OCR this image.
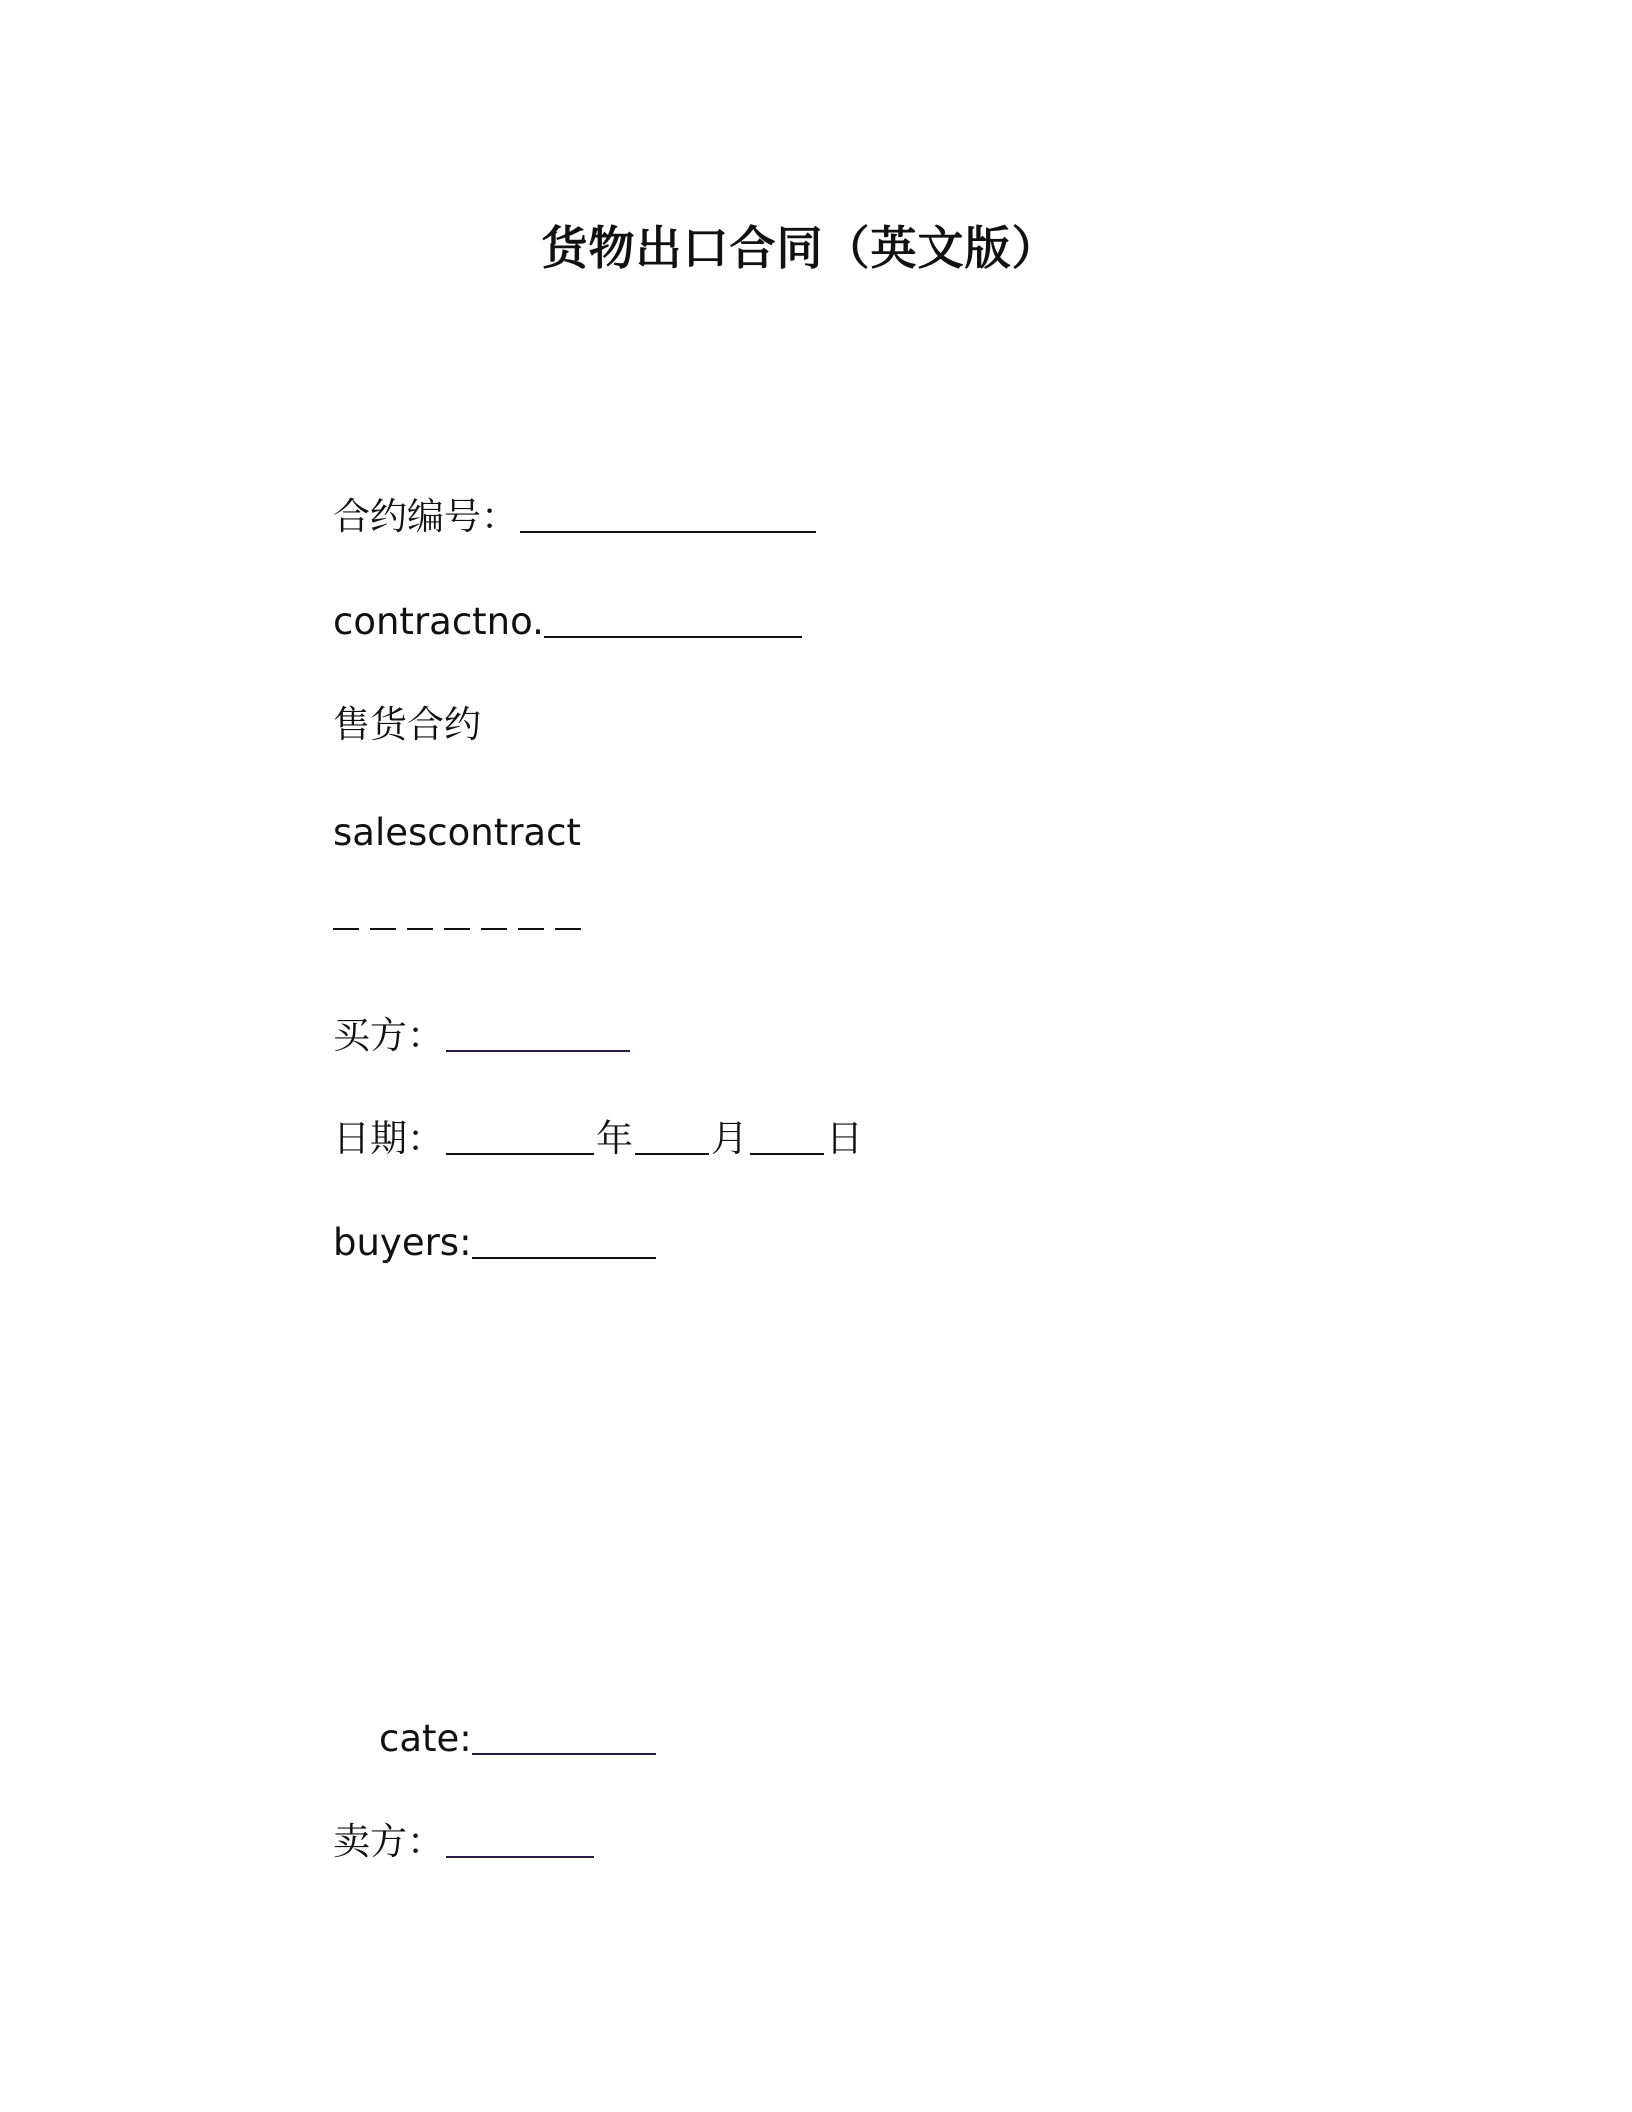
货物出口合同（英文版）
合约编号：
contractno.
售货合约
salescontract
买方：
日期：	年 月 日
buyers:
cate:
卖方：
